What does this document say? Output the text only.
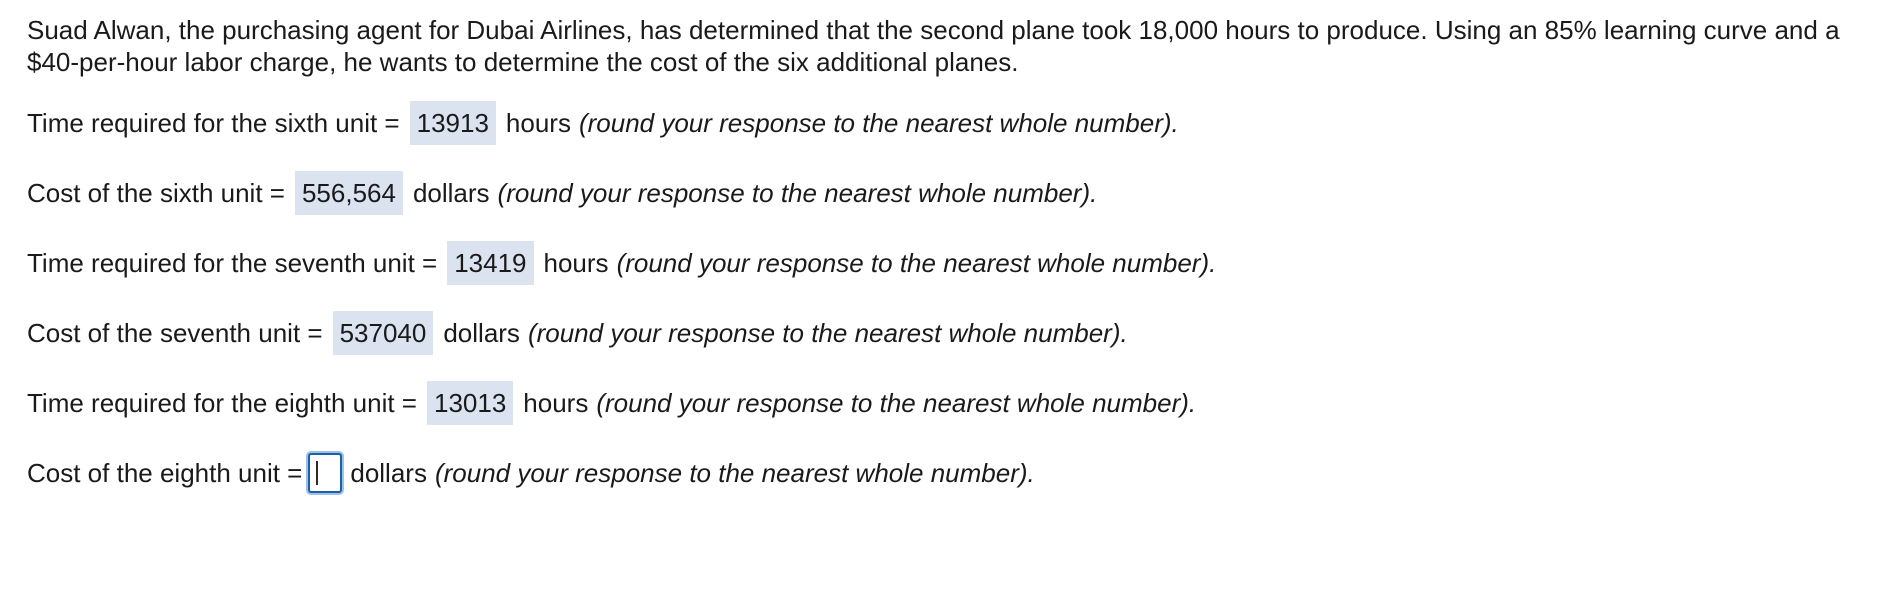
Suad Alwan, the purchasing agent for Dubai Airlines, has determined that the second plane took 18,000 hours to produce. Using an 85% learning curve and a $40-per-hour labor charge, he wants to determine the cost of the six additional planes.

Time required for the sixth unit = 13913 hours (round your response to the nearest whole number).
Cost of the sixth unit = 556,564 dollars (round your response to the nearest whole number).
Time required for the seventh unit = 13419 hours (round your response to the nearest whole number).
Cost of the seventh unit = 537040 dollars (round your response to the nearest whole number).
Time required for the eighth unit = 13013 hours (round your response to the nearest whole number).
Cost of the eighth unit = dollars (round your response to the nearest whole number).
